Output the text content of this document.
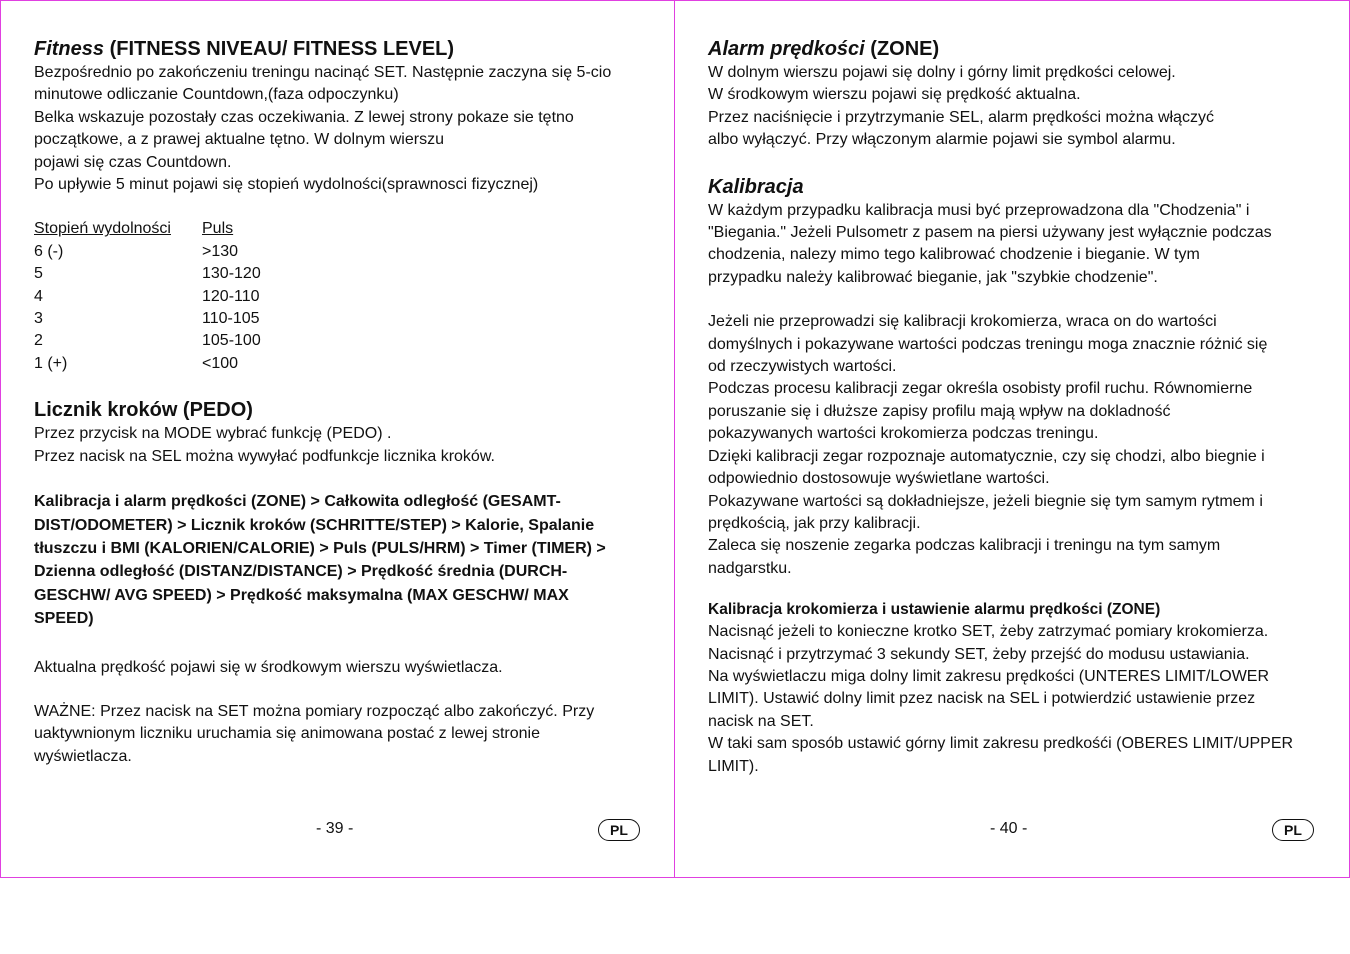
Fitness (FITNESS NIVEAU/ FITNESS LEVEL)

Bezpośrednio po zakończeniu treningu nacinąć SET. Następnie zaczyna się 5-cio

minutowe odliczanie Countdown,(faza odpoczynku)

Belka wskazuje pozostały czas oczekiwania. Z lewej strony pokaze sie tętno

początkowe, a z prawej aktualne tętno. W dolnym wierszu

pojawi się czas Countdown.

Po upływie 5 minut pojawi się stopień wydolności(sprawnosci fizycznej)

Stopień wydolności	Puls
6 (-)	>130
5	130-120
4	120-110
3	110-105
2	105-100
1 (+)	<100
Licznik kroków (PEDO)

Przez przycisk na MODE wybrać funkcję (PEDO) .

Przez nacisk na SEL można wywyłać podfunkcje licznika kroków.

Kalibracja i alarm prędkości (ZONE) > Całkowita odległość (GESAMT-
DIST/ODOMETER) > Licznik kroków (SCHRITTE/STEP) > Kalorie, Spalanie
tłuszczu i BMI (KALORIEN/CALORIE) > Puls (PULS/HRM) > Timer (TIMER) >
Dzienna odległość (DISTANZ/DISTANCE) > Prędkość średnia (DURCH-
GESCHW/ AVG SPEED) > Prędkość maksymalna (MAX GESCHW/ MAX
SPEED)

Aktualna prędkość pojawi się w środkowym wierszu wyświetlacza.

WAŻNE: Przez nacisk na SET można pomiary rozpocząć albo zakończyć. Przy

uaktywnionym liczniku uruchamia się animowana postać z lewej stronie

wyświetlacza.

- 39 -	PL
Alarm prędkości (ZONE)

W dolnym wierszu pojawi się dolny i górny limit prędkości celowej.

W środkowym wierszu pojawi się prędkość aktualna.

Przez naciśnięcie i przytrzymanie SEL, alarm prędkości można włączyć

albo wyłączyć. Przy włączonym alarmie pojawi sie symbol alarmu.

Kalibracja

W każdym przypadku kalibracja musi być przeprowadzona dla "Chodzenia" i

"Biegania." Jeżeli Pulsometr z pasem na piersi używany jest wyłącznie podczas

chodzenia, nalezy mimo tego kalibrować chodzenie i bieganie. W tym

przypadku należy kalibrować bieganie, jak "szybkie chodzenie".

Jeżeli nie przeprowadzi się kalibracji krokomierza, wraca on do wartości

domyślnych i pokazywane wartości podczas treningu moga znacznie różnić się

od rzeczywistych wartości.

Podczas procesu kalibracji zegar określa osobisty profil ruchu. Równomierne

poruszanie się i dłuższe zapisy profilu mają wpływ na dokladność

pokazywanych wartości krokomierza podczas treningu.

Dzięki kalibracji zegar rozpoznaje automatycznie, czy się chodzi, albo biegnie i

odpowiednio dostosowuje wyświetlane wartości.

Pokazywane wartości są dokładniejsze, jeżeli biegnie się tym samym rytmem i

prędkością, jak przy kalibracji.

Zaleca się noszenie zegarka podczas kalibracji i treningu na tym samym

nadgarstku.

Kalibracja krokomierza i ustawienie alarmu prędkości (ZONE)

Nacisnąć jeżeli to konieczne krotko SET, żeby zatrzymać pomiary krokomierza.

Nacisnąć i przytrzymać 3 sekundy SET, żeby przejść do modusu ustawiania.

Na wyświetlaczu miga dolny limit zakresu prędkości (UNTERES LIMIT/LOWER

LIMIT). Ustawić dolny limit pzez nacisk na SEL i potwierdzić ustawienie przez

nacisk na SET.

W taki sam sposób ustawić górny limit zakresu predkośći (OBERES LIMIT/UPPER

LIMIT).

- 40 -	PL
